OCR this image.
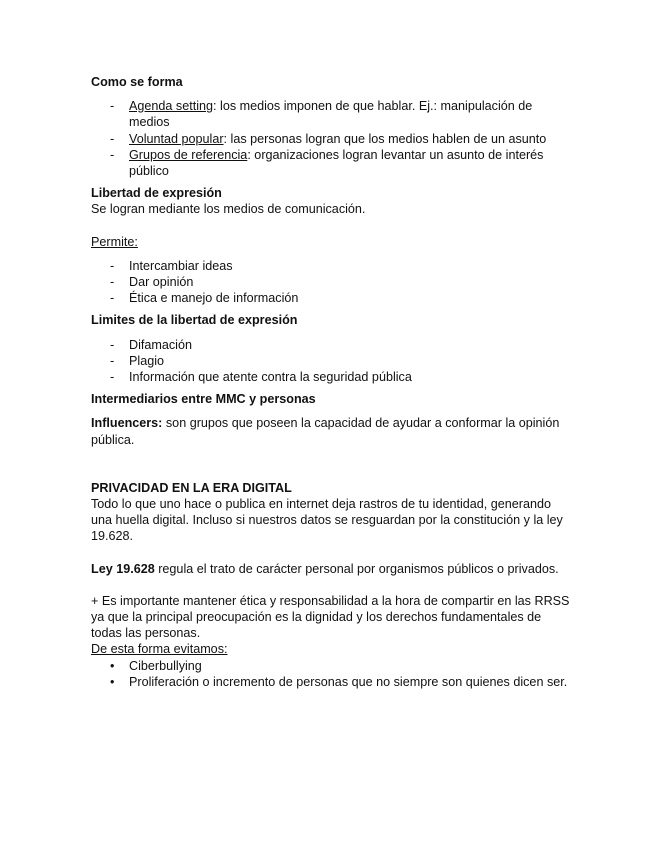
Como se forma

- Agenda setting: los medios imponen de que hablar. Ej.: manipulación de medios
- Voluntad popular: las personas logran que los medios hablen de un asunto
- Grupos de referencia: organizaciones logran levantar un asunto de interés público

Libertad de expresión

Se logran mediante los medios de comunicación.

Permite:

- Intercambiar ideas
- Dar opinión
- Ética e manejo de información

Limites de la libertad de expresión

- Difamación
- Plagio
- Información que atente contra la seguridad pública

Intermediarios entre MMC y personas

Influencers: son grupos que poseen la capacidad de ayudar a conformar la opinión pública.

PRIVACIDAD EN LA ERA DIGITAL

Todo lo que uno hace o publica en internet deja rastros de tu identidad, generando una huella digital. Incluso si nuestros datos se resguardan por la constitución y la ley 19.628.

Ley 19.628 regula el trato de carácter personal por organismos públicos o privados.

+ Es importante mantener ética y responsabilidad a la hora de compartir en las RRSS ya que la principal preocupación es la dignidad y los derechos fundamentales de todas las personas.

De esta forma evitamos:

• Ciberbullying
• Proliferación o incremento de personas que no siempre son quienes dicen ser.
